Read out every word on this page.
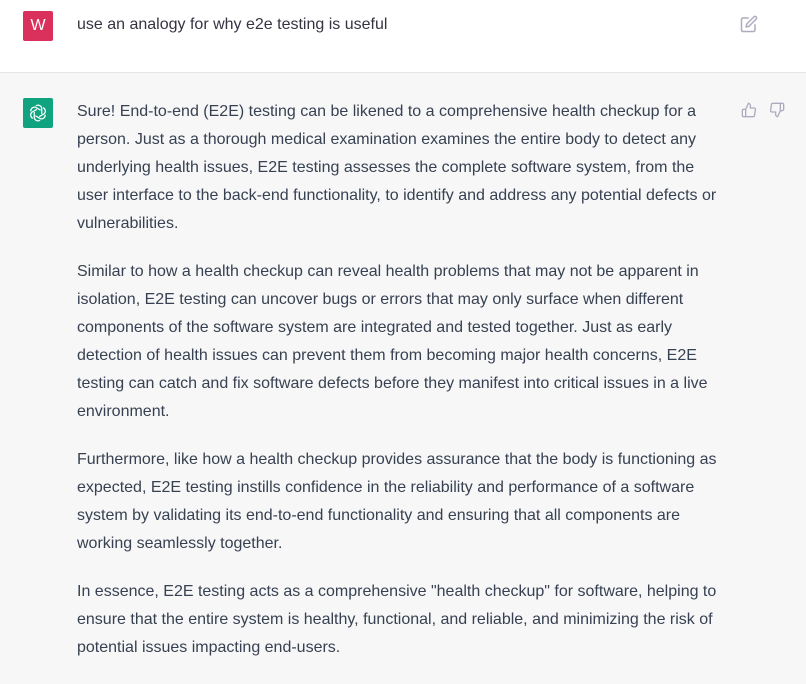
W	use an analogy for why e2e testing is useful

Sure! End-to-end (E2E) testing can be likened to a comprehensive health checkup for a person. Just as a thorough medical examination examines the entire body to detect any underlying health issues, E2E testing assesses the complete software system, from the user interface to the back-end functionality, to identify and address any potential defects or vulnerabilities.

Similar to how a health checkup can reveal health problems that may not be apparent in isolation, E2E testing can uncover bugs or errors that may only surface when different components of the software system are integrated and tested together. Just as early detection of health issues can prevent them from becoming major health concerns, E2E testing can catch and fix software defects before they manifest into critical issues in a live environment.

Furthermore, like how a health checkup provides assurance that the body is functioning as expected, E2E testing instills confidence in the reliability and performance of a software system by validating its end-to-end functionality and ensuring that all components are working seamlessly together.

In essence, E2E testing acts as a comprehensive "health checkup" for software, helping to ensure that the entire system is healthy, functional, and reliable, and minimizing the risk of potential issues impacting end-users.
